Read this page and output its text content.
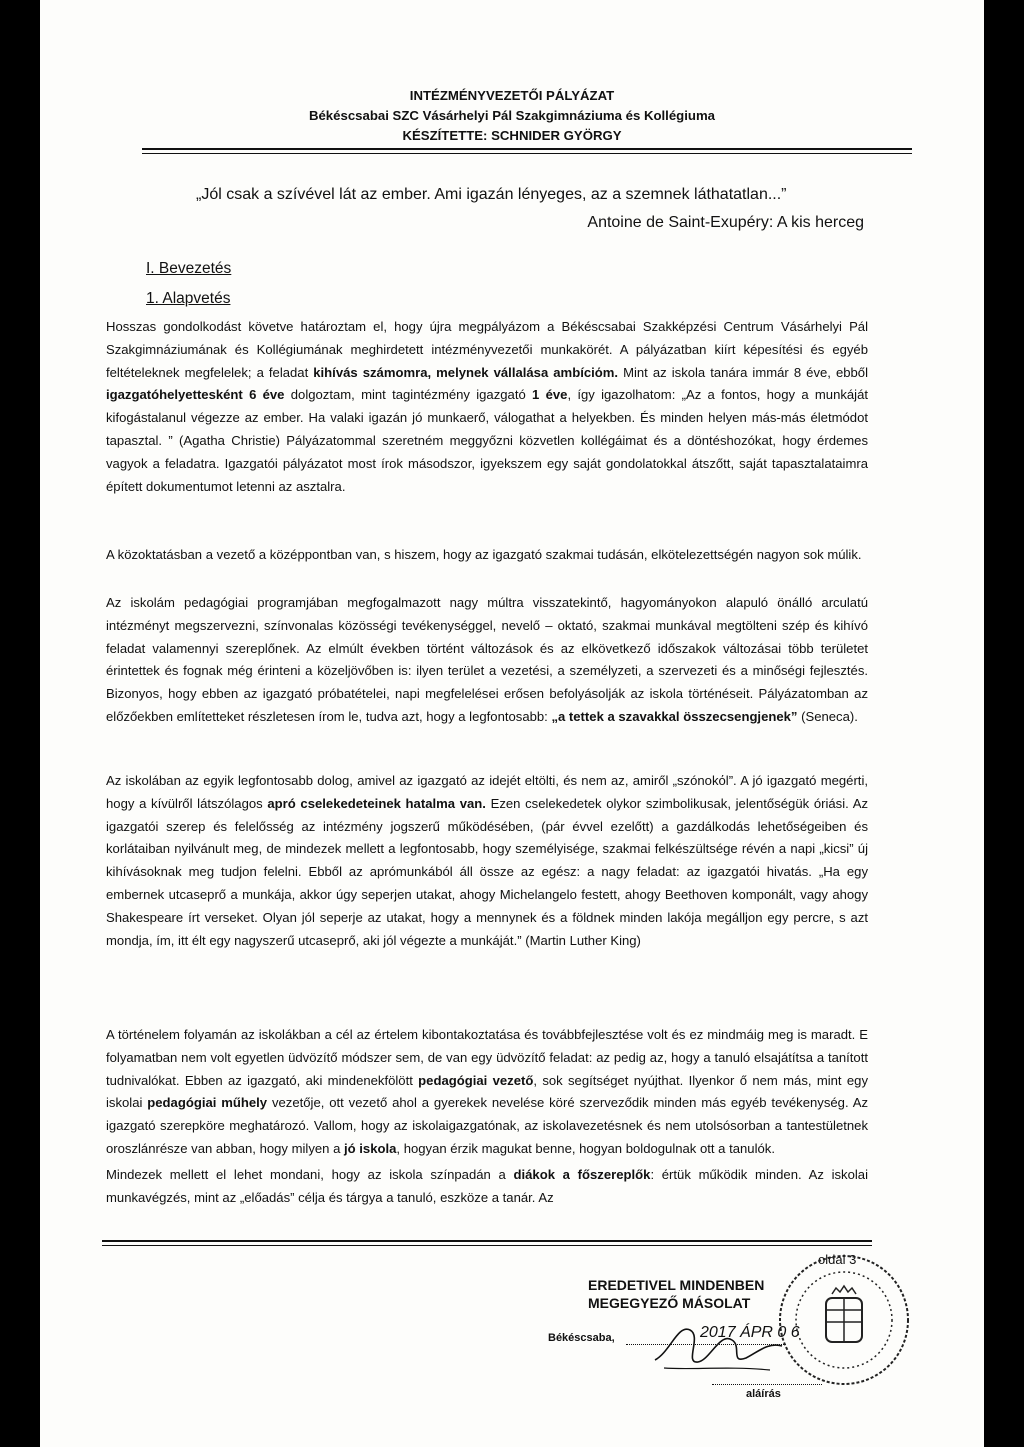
INTÉZMÉNYVEZETŐI PÁLYÁZAT
Békéscsabai SZC Vásárhelyi Pál Szakgimnáziuma és Kollégiuma
KÉSZÍTETTE: SCHNIDER GYÖRGY
„Jól csak a szívével lát az ember. Ami igazán lényeges, az a szemnek láthatatlan...”
Antoine de Saint-Exupéry: A kis herceg
I. Bevezetés
1. Alapvetés

Hosszas gondolkodást követve határoztam el, hogy újra megpályázom a Békéscsabai Szakképzési Centrum Vásárhelyi Pál Szakgimnáziumának és Kollégiumának meghirdetett intézményvezetői munkakörét. A pályázatban kiírt képesítési és egyéb feltételeknek megfelelek; a feladat kihívás számomra, melynek vállalása ambíciόm. Mint az iskola tanára immár 8 éve, ebből igazgatóhelyettesként 6 éve dolgoztam, mint tagintézmény igazgató 1 éve, így igazolhatom: „Az a fontos, hogy a munkáját kifogástalanul végezze az ember. Ha valaki igazán jó munkaerő, válogathat a helyekben. És minden helyen más-más életmódot tapasztal. ” (Agatha Christie) Pályázatommal szeretném meggyőzni közvetlen kollégáimat és a döntéshozókat, hogy érdemes vagyok a feladatra. Igazgatói pályázatot most írok másodszor, igyekszem egy saját gondolatokkal átszőtt, saját tapasztalataimra épített dokumentumot letenni az asztalra.

A közoktatásban a vezető a középpontban van, s hiszem, hogy az igazgató szakmai tudásán, elkötelezettségén nagyon sok múlik.

Az iskolám pedagógiai programjában megfogalmazott nagy múltra visszatekintő, hagyományokon alapuló önálló arculatú intézményt megszervezni, színvonalas közösségi tevékenységgel, nevelő – oktató, szakmai munkával megtölteni szép és kihívó feladat valamennyi szereplőnek. Az elmúlt években történt változások és az elkövetkező időszakok változásai több területet érintettek és fognak még érinteni a közeljövőben is: ilyen terület a vezetési, a személyzeti, a szervezeti és a minőségi fejlesztés. Bizonyos, hogy ebben az igazgató próbatételei, napi megfelelései erősen befolyásolják az iskola történéseit. Pályázatomban az előzőekben említetteket részletesen írom le, tudva azt, hogy a legfontosabb: „a tettek a szavakkal összecsengjenek” (Seneca).

Az iskolában az egyik legfontosabb dolog, amivel az igazgató az idejét eltölti, és nem az, amiről „szónokόl”. A jó igazgató megérti, hogy a kívülről látszólagos apró cselekedeteinek hatalma van. Ezen cselekedetek olykor szimbolikusak, jelentőségük óriási. Az igazgatói szerep és felelősség az intézmény jogszerű működésében, (pár évvel ezelőtt) a gazdálkodás lehetőségeiben és korlátaiban nyilvánult meg, de mindezek mellett a legfontosabb, hogy személyisége, szakmai felkészültsége révén a napi „kicsi” új kihívásoknak meg tudjon felelni. Ebből az aprómunkából áll össze az egész: a nagy feladat: az igazgatói hivatás. „Ha egy embernek utcaseprő a munkája, akkor úgy seperjen utakat, ahogy Michelangelo festett, ahogy Beethoven komponált, vagy ahogy Shakespeare írt verseket. Olyan jól seperje az utakat, hogy a mennynek és a földnek minden lakója megálljon egy percre, s azt mondja, ím, itt élt egy nagyszerű utcaseprő, aki jól végezte a munkáját.” (Martin Luther King)

A történelem folyamán az iskolákban a cél az értelem kibontakoztatása és továbbfejlesztése volt és ez mindmáig meg is maradt. E folyamatban nem volt egyetlen üdvözítő módszer sem, de van egy üdvözítő feladat: az pedig az, hogy a tanuló elsajátítsa a tanított tudnivalókat. Ebben az igazgató, aki mindenekfölött pedagógiai vezető, sok segítséget nyújthat. Ilyenkor ő nem más, mint egy iskolai pedagógiai műhely vezetője, ott vezető ahol a gyerekek nevelése köré szerveződik minden más egyéb tevékenység. Az igazgató szerepköre meghatározó. Vallom, hogy az iskolaigazgatónak, az iskolavezetésnek és nem utolsósorban a tantestületnek oroszlánrésze van abban, hogy milyen a jó iskola, hogyan érzik magukat benne, hogyan boldogulnak ott a tanulók.

Mindezek mellett el lehet mondani, hogy az iskola színpadán a diákok a főszereplők: értük működik minden. Az iskolai munkavégzés, mint az „előadás” célja és tárgya a tanuló, eszköze a tanár. Az

EREDETIVEL MINDENBEN
MEGEGYEZŐ MÁSOLAT
Békéscsaba,	2017 ÁPR 0 6
aláírás
oldal 3
